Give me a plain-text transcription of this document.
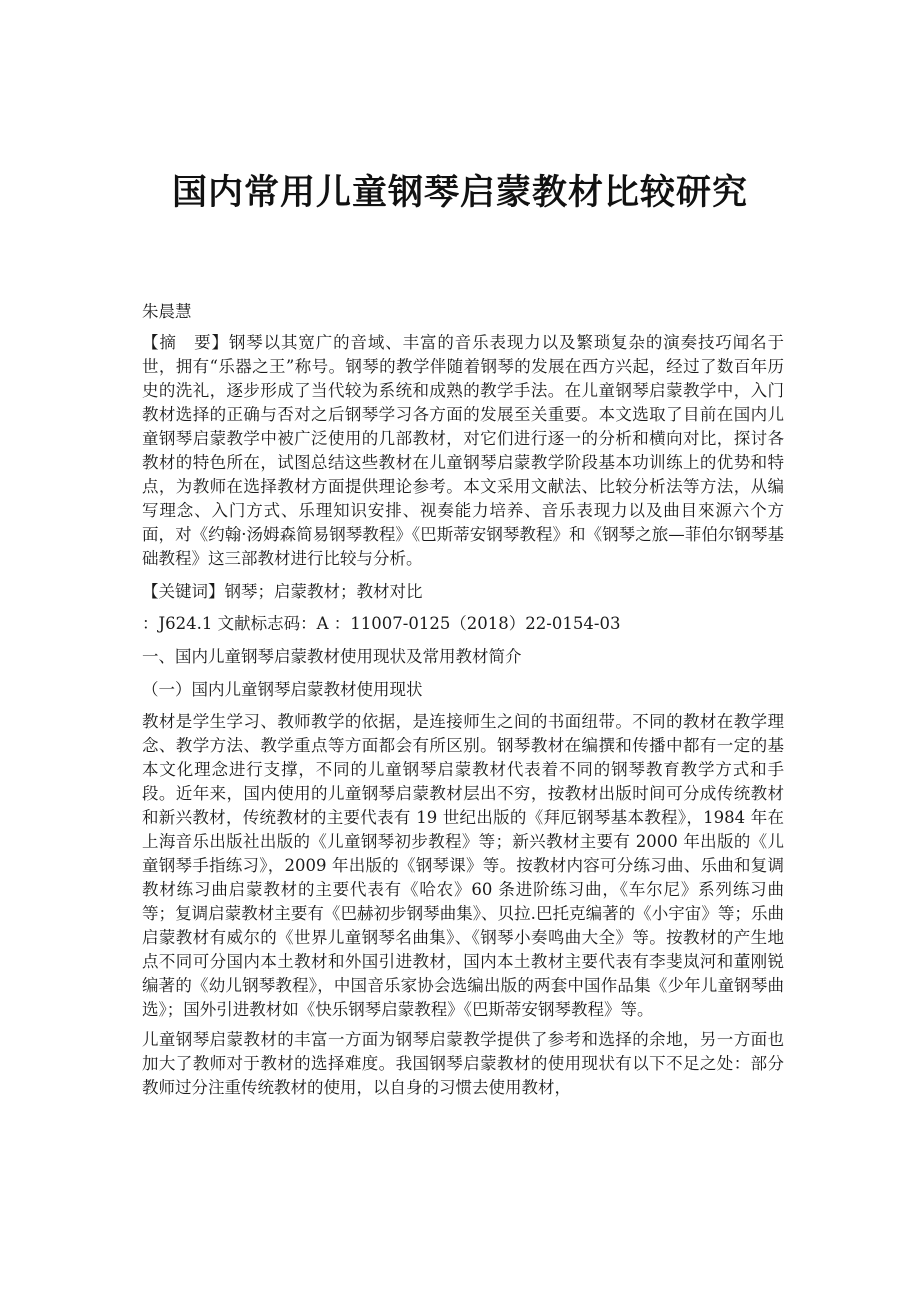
国内常用儿童钢琴启蒙教材比较研究

朱晨慧

【摘　要】钢琴以其宽广的音域、丰富的音乐表现力以及繁琐复杂的演奏技巧闻名于世，拥有“乐器之王”称号。钢琴的教学伴随着钢琴的发展在西方兴起，经过了数百年历史的洗礼，逐步形成了当代较为系统和成熟的教学手法。在儿童钢琴启蒙教学中，入门教材选择的正确与否对之后钢琴学习各方面的发展至关重要。本文选取了目前在国内儿童钢琴启蒙教学中被广泛使用的几部教材，对它们进行逐一的分析和横向对比，探讨各教材的特色所在，试图总结这些教材在儿童钢琴启蒙教学阶段基本功训练上的优势和特点，为教师在选择教材方面提供理论参考。本文采用文献法、比较分析法等方法，从编写理念、入门方式、乐理知识安排、视奏能力培养、音乐表现力以及曲目來源六个方面，对《约翰·汤姆森简易钢琴教程》《巴斯蒂安钢琴教程》和《钢琴之旅—菲伯尔钢琴基础教程》这三部教材进行比较与分析。

【关键词】钢琴；启蒙教材；教材对比

：J624.1 文献标志码：A ：11007-0125（2018）22-0154-03

一、国内儿童钢琴启蒙教材使用现状及常用教材简介

（一）国内儿童钢琴启蒙教材使用现状

教材是学生学习、教师教学的依据，是连接师生之间的书面纽带。不同的教材在教学理念、教学方法、教学重点等方面都会有所区别。钢琴教材在编撰和传播中都有一定的基本文化理念进行支撑，不同的儿童钢琴启蒙教材代表着不同的钢琴教育教学方式和手段。近年来，国内使用的儿童钢琴启蒙教材层出不穷，按教材出版时间可分成传统教材和新兴教材，传统教材的主要代表有 19 世纪出版的《拜厄钢琴基本教程》，1984 年在上海音乐出版社出版的《儿童钢琴初步教程》等；新兴教材主要有 2000 年出版的《儿童钢琴手指练习》，2009 年出版的《钢琴课》等。按教材内容可分练习曲、乐曲和复调教材练习曲启蒙教材的主要代表有《哈农》60 条进阶练习曲，《车尔尼》系列练习曲等；复调启蒙教材主要有《巴赫初步钢琴曲集》、贝拉.巴托克编著的《小宇宙》等；乐曲启蒙教材有威尔的《世界儿童钢琴名曲集》、《钢琴小奏鸣曲大全》等。按教材的产生地点不同可分国内本土教材和外国引进教材，国内本土教材主要代表有李斐岚河和董刚锐编著的《幼儿钢琴教程》，中国音乐家协会选编出版的两套中国作品集《少年儿童钢琴曲选》；国外引进教材如《快乐钢琴启蒙教程》《巴斯蒂安钢琴教程》等。

儿童钢琴启蒙教材的丰富一方面为钢琴启蒙教学提供了参考和选择的余地，另一方面也加大了教师对于教材的选择难度。我国钢琴启蒙教材的使用现状有以下不足之处：部分教师过分注重传统教材的使用，以自身的习惯去使用教材，
